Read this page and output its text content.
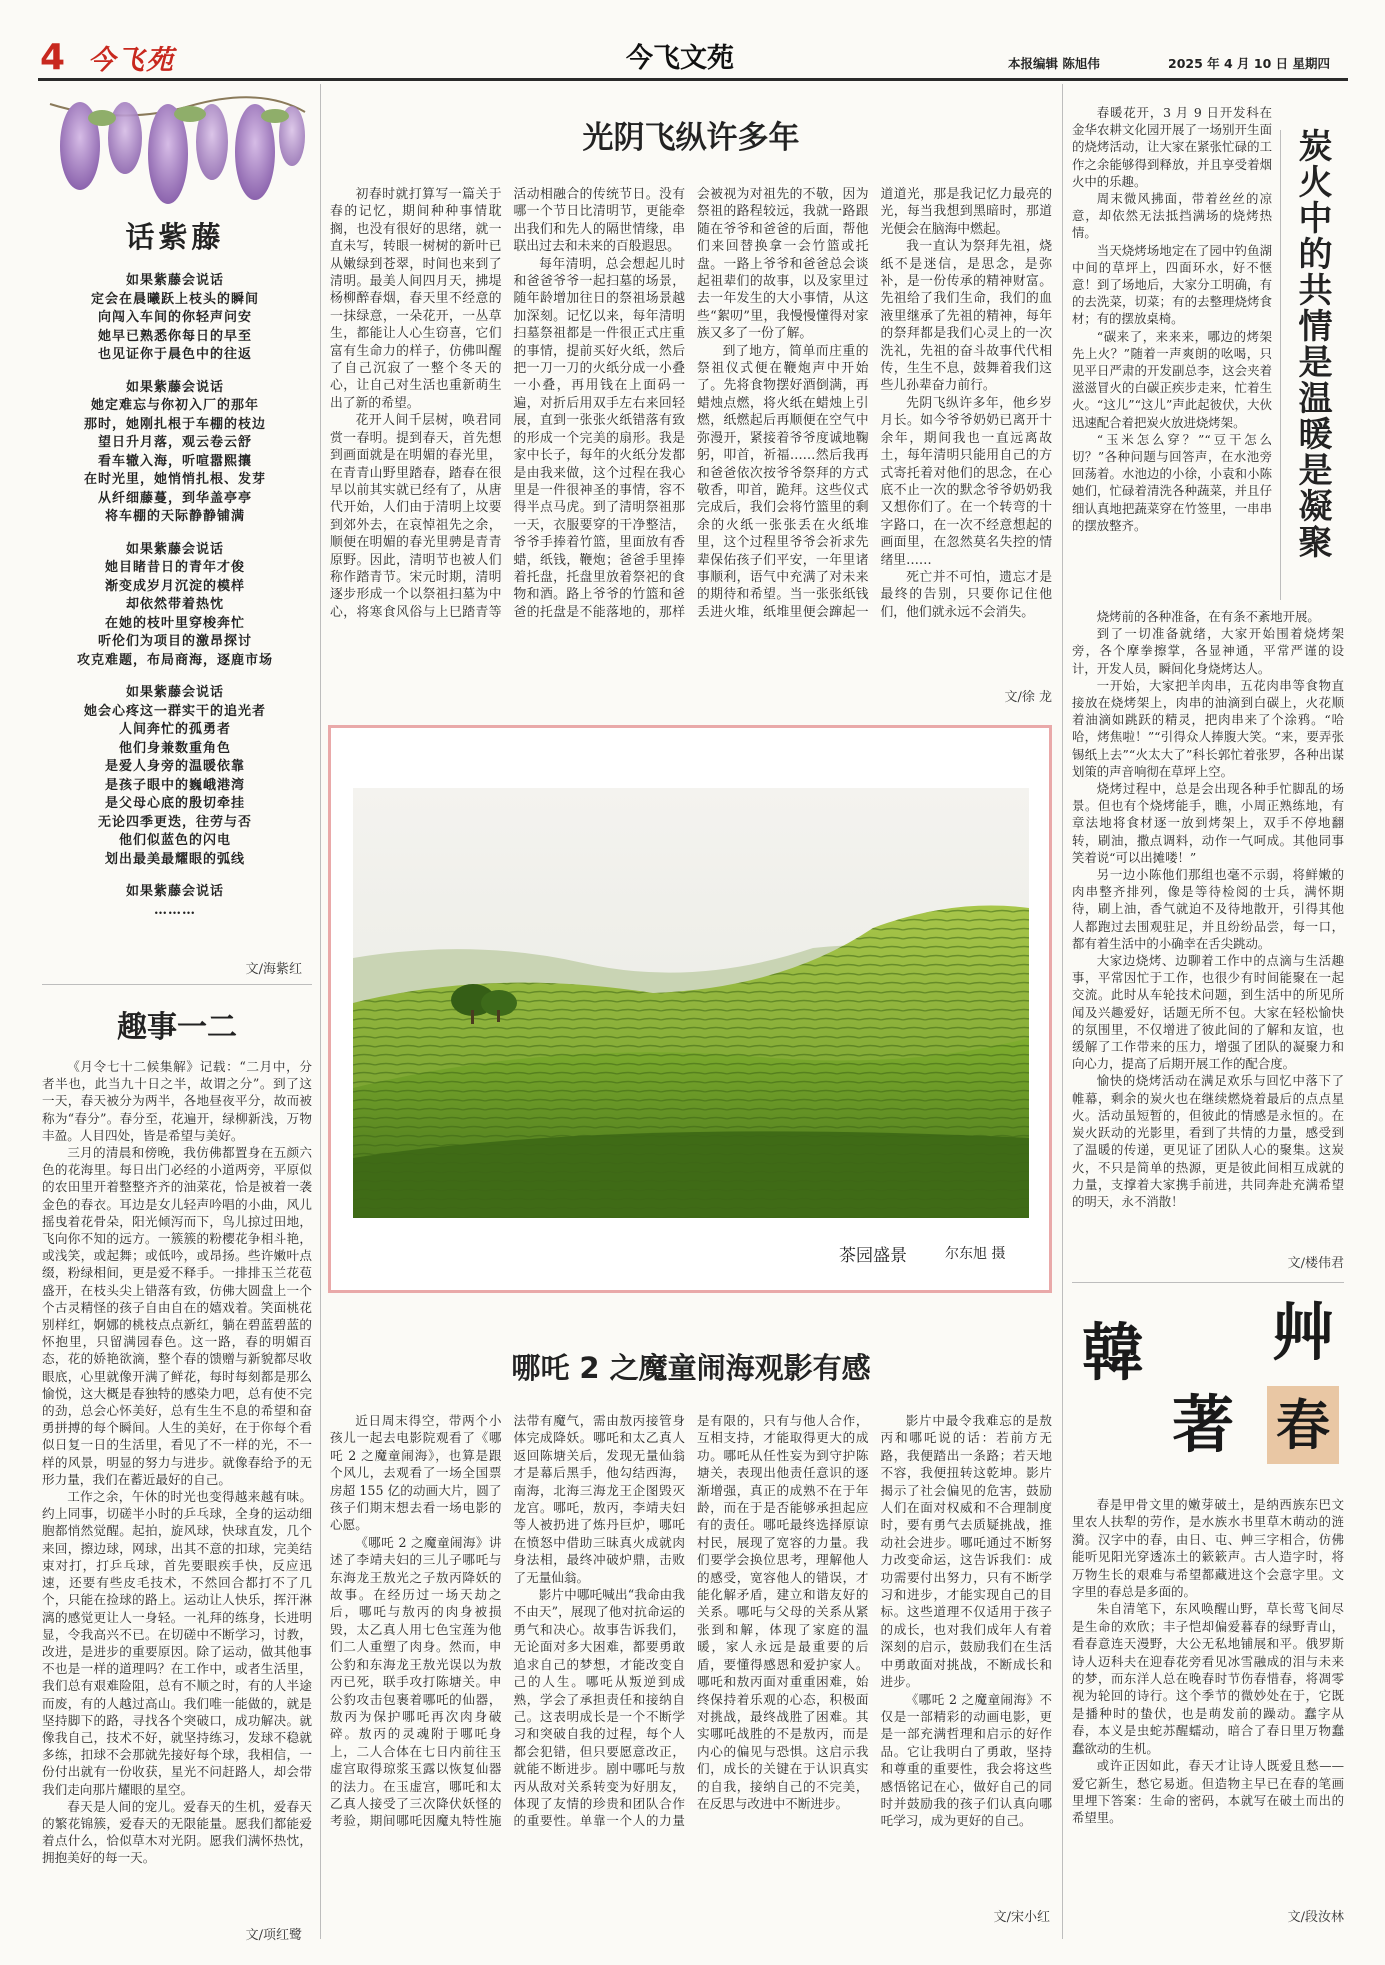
4 今飞苑	今飞文苑	本报编辑 陈旭伟	2025 年 4 月 10 日 星期四
话紫藤
如果紫藤会说话
定会在晨曦跃上枝头的瞬间
向闯入车间的你轻声问安
她早已熟悉你每日的早至
也见证你于晨色中的往返
如果紫藤会说话
她定难忘与你初入厂的那年
那时，她刚扎根于车棚的枝边
望日升月落，观云卷云舒
看车辙入海，听喧嚣熙攘
在时光里，她悄悄扎根、发芽
从纤细藤蔓，到华盖亭亭
将车棚的天际静静铺满
如果紫藤会说话
她目睹昔日的青年才俊
渐变成岁月沉淀的模样
却依然带着热忱
在她的枝叶里穿梭奔忙
听伦们为项目的激昂探讨
攻克难题，布局商海，逐鹿市场
如果紫藤会说话
她会心疼这一群实干的追光者
人间奔忙的孤勇者
他们身兼数重角色
是爱人身旁的温暖依靠
是孩子眼中的巍峨港湾
是父母心底的殷切牵挂
无论四季更迭，往劳与否
他们似蓝色的闪电
划出最美最耀眼的弧线
如果紫藤会说话
………
文/海紫红
趣事一二

《月令七十二候集解》记载：“二月中，分者半也，此当九十日之半，故谓之分”。到了这一天，春天被分为两半，各地昼夜平分，故而被称为“春分”。春分至，花遍开，绿柳新浅，万物丰盈。人目四处，皆是希望与美好。

三月的清晨和傍晚，我仿佛都置身在五颜六色的花海里。每日出门必经的小道两旁，平原似的农田里开着整整齐齐的油菜花，恰是被着一袭金色的春衣。耳边是女儿轻声吟唱的小曲，风儿摇曳着花骨朵，阳光倾泻而下，鸟儿掠过田地，飞向你不知的远方。一簇簇的粉樱花争相斗艳，或浅笑，或起舞；或低吟，或昂扬。些许嫩叶点缀，粉绿相间，更是爱不释手。一排排玉兰花苞盛开，在枝头尖上错落有致，仿佛大圆盘上一个个古灵精怪的孩子自由自在的嬉戏着。笑面桃花别样红，婀娜的桃枝点点新红，躺在碧蓝碧蓝的怀抱里，只留满园春色。这一路，春的明媚百态，花的娇艳欲滴，整个春的馈赠与新貌都尽收眼底，心里就像开满了鲜花，每时每刻都是那么愉悦，这大概是春独特的感染力吧，总有使不完的劲，总会心怀美好，总有生生不息的希望和奋勇拼搏的每个瞬间。人生的美好，在于你每个看似日复一日的生活里，看见了不一样的光，不一样的风景，明显的努力与进步。就像春给予的无形力量，我们在蓄近最好的自己。

工作之余，午休的时光也变得越来越有味。约上同事，切磋半小时的乒乓球，全身的运动细胞都悄然觉醒。起拍，旋风球，快球直发，几个来回，擦边球，网球，出其不意的扣球，完美结束对打，打乒乓球，首先要眼疾手快，反应迅速，还要有些皮毛技术，不然回合都打不了几个，只能在捡球的路上。运动让人快乐，挥汗淋漓的感觉更让人一身轻。一礼拜的练身，长进明显，令我高兴不已。在切磋中不断学习，讨教，改进，是进步的重要原因。除了运动，做其他事不也是一样的道理吗？在工作中，或者生活里，我们总有艰难险阻，总有不顺之时，有的人半途而废，有的人越过高山。我们唯一能做的，就是坚持脚下的路，寻找各个突破口，成功解决。就像我自己，技术不好，就坚持练习，发球不稳就多练，扣球不会那就先接好每个球，我相信，一份付出就有一份收获，星光不问赶路人，却会带我们走向那片耀眼的星空。

春天是人间的宠儿。爱春天的生机，爱春天的繁花锦簇，爱春天的无限能量。愿我们都能爱着点什么，恰似草木对光阴。愿我们满怀热忱，拥抱美好的每一天。

文/项红鹭
光阴飞纵许多年

初春时就打算写一篇关于春的记忆，期间种种事情耽搁，也没有很好的思绪，就一直未写，转眼一树树的新叶已从嫩绿到苍翠，时间也来到了清明。最美人间四月天，拂堤杨柳醉春烟，春天里不经意的一抹绿意，一朵花开，一丛草生，都能让人心生窃喜，它们富有生命力的样子，仿佛叫醒了自己沉寂了一整个冬天的心，让自己对生活也重新萌生出了新的希望。

花开人间千层树，唤君同赏一春明。提到春天，首先想到画面就是在明媚的春光里，在青青山野里踏春，踏春在很早以前其实就已经有了，从唐代开始，人们由于清明上坟要到郊外去，在哀悼祖先之余，顺便在明媚的春光里骋是青青原野。因此，清明节也被人们称作踏青节。宋元时期，清明逐步形成一个以祭祖扫墓为中心，将寒食风俗与上巳踏青等活动相融合的传统节日。没有哪一个节日比清明节，更能牵出我们和先人的隔世情缘，串联出过去和未来的百般遐思。

每年清明，总会想起儿时和爸爸爷爷一起扫墓的场景，随年龄增加往日的祭祖场景越加深刻。记忆以来，每年清明扫墓祭祖都是一件很正式庄重的事情，提前买好火纸，然后把一刀一刀的火纸分成一小叠一小叠，再用钱在上面码一遍，对折后用双手左右来回轻展，直到一张张火纸错落有致的形成一个完美的扇形。我是家中长子，每年的火纸分发都是由我来做，这个过程在我心里是一件很神圣的事情，容不得半点马虎。到了清明祭祖那一天，衣服要穿的干净整洁，爷爷手捧着竹篮，里面放有香蜡，纸钱，鞭炮；爸爸手里捧着托盘，托盘里放着祭祀的食物和酒。路上爷爷的竹篮和爸爸的托盘是不能落地的，那样会被视为对祖先的不敬，因为祭祖的路程较远，我就一路跟随在爷爷和爸爸的后面，帮他们来回替换拿一会竹篮或托盘。一路上爷爷和爸爸总会谈起祖辈们的故事，以及家里过去一年发生的大小事情，从这些“絮叨”里，我慢慢懂得对家族又多了一份了解。

到了地方，简单而庄重的祭祖仪式便在鞭炮声中开始了。先将食物摆好酒倒满，再蜡烛点燃，将火纸在蜡烛上引燃，纸燃起后再顺便在空气中弥漫开，紧接着爷爷度诚地鞠躬，叩首，祈福……然后我再和爸爸依次按爷爷祭拜的方式敬香，叩首，跪拜。这些仪式完成后，我们会将竹篮里的剩余的火纸一张张丢在火纸堆里，这个过程里爷爷会祈求先辈保佑孩子们平安，一年里诸事顺利，语气中充满了对未来的期待和希望。当一张张纸钱丢进火堆，纸堆里便会蹿起一道道光，那是我记忆力最亮的光，每当我想到黑暗时，那道光便会在脑海中燃起。

我一直认为祭拜先祖，烧纸不是迷信，是思念，是弥补，是一份传承的精神财富。先祖给了我们生命，我们的血液里继承了先祖的精神，每年的祭拜都是我们心灵上的一次洗礼，先祖的奋斗故事代代相传，生生不息，鼓舞着我们这些儿孙辈奋力前行。

先阴飞纵许多年，他乡岁月长。如今爷爷奶奶已离开十余年，期间我也一直远离故土，每年清明只能用自己的方式寄托着对他们的思念，在心底不止一次的默念爷爷奶奶我又想你们了。在一个转弯的十字路口，在一次不经意想起的画面里，在忽然莫名失控的情绪里……

死亡并不可怕，遗忘才是最终的告别，只要你记住他们，他们就永远不会消失。

文/徐 龙
茶园盛景	尔东旭 摄
哪吒 2 之魔童闹海观影有感

近日周末得空，带两个小孩儿一起去电影院观看了《哪吒 2 之魔童闹海》，也算是跟个风儿，去观看了一场全国票房超 155 亿的动画大片，圆了孩子们期末想去看一场电影的心愿。

《哪吒 2 之魔童闹海》讲述了李靖夫妇的三儿子哪吒与东海龙王敖光之子敖丙降妖的故事。在经历过一场天劫之后，哪吒与敖丙的肉身被损毁，太乙真人用七色宝莲为他们二人重塑了肉身。然而，申公豹和东海龙王敖光误以为敖丙已死，联手攻打陈塘关。申公豹攻击包裹着哪吒的仙器，敖丙为保护哪吒再次肉身破碎。敖丙的灵魂附于哪吒身上，二人合体在七日内前往玉虚宫取得琼浆玉露以恢复仙器的法力。在玉虚宫，哪吒和太乙真人接受了三次降伏妖怪的考验，期间哪吒因魔丸特性施法带有魔气，需由敖丙接管身体完成降妖。哪吒和太乙真人返回陈塘关后，发现无量仙翁才是幕后黑手，他勾结西海，南海，北海三海龙王企图毁灭龙宫。哪吒，敖丙，李靖夫妇等人被扔进了炼丹巨炉，哪吒在愤怒中借助三昧真火成就肉身法相，最终冲破炉鼎，击败了无量仙翁。

影片中哪吒喊出“我命由我不由天”，展现了他对抗命运的勇气和决心。故事告诉我们，无论面对多大困难，都要勇敢追求自己的梦想，才能改变自己的人生。哪吒从叛逆到成熟，学会了承担责任和接纳自己。这表明成长是一个不断学习和突破自我的过程，每个人都会犯错，但只要愿意改正，就能不断进步。剧中哪吒与敖丙从敌对关系转变为好朋友，体现了友情的珍贵和团队合作的重要性。单靠一个人的力量是有限的，只有与他人合作，互相支持，才能取得更大的成功。哪吒从任性妄为到守护陈塘关，表现出他责任意识的逐渐增强，真正的成熟不在于年龄，而在于是否能够承担起应有的责任。哪吒最终选择原谅村民，展现了宽容的力量。我们要学会换位思考，理解他人的感受，宽容他人的错误，才能化解矛盾，建立和谐友好的关系。哪吒与父母的关系从紧张到和解，体现了家庭的温暖，家人永远是最重要的后盾，要懂得感恩和爱护家人。哪吒和敖丙面对重重困难，始终保持着乐观的心态，积极面对挑战，最终战胜了困难。其实哪吒战胜的不是敖丙，而是内心的偏见与恐惧。这启示我们，成长的关键在于认识真实的自我，接纳自己的不完美，在反思与改进中不断进步。

影片中最令我难忘的是敖丙和哪吒说的话：若前方无路，我便踏出一条路；若天地不容，我便扭转这乾坤。影片揭示了社会偏见的危害，鼓励人们在面对权威和不合理制度时，要有勇气去质疑挑战，推动社会进步。哪吒通过不断努力改变命运，这告诉我们：成功需要付出努力，只有不断学习和进步，才能实现自己的目标。这些道理不仅适用于孩子的成长，也对我们成年人有着深刻的启示，鼓励我们在生活中勇敢面对挑战，不断成长和进步。

《哪吒 2 之魔童闹海》不仅是一部精彩的动画电影，更是一部充满哲理和启示的好作品。它让我明白了勇敢，坚持和尊重的重要性，我会将这些感悟铭记在心，做好自己的同时并鼓励我的孩子们认真向哪吒学习，成为更好的自己。

文/宋小红

春暖花开，3 月 9 日开发科在金华农耕文化园开展了一场别开生面的烧烤活动，让大家在紧张忙碌的工作之余能够得到释放，并且享受着烟火中的乐趣。

周末微风拂面，带着丝丝的凉意，却依然无法抵挡满场的烧烤热情。

当天烧烤场地定在了园中钓鱼湖中间的草坪上，四面环水，好不惬意！到了场地后，大家分工明确，有的去洗菜，切菜；有的去整理烧烤食材；有的摆放桌椅。

“碳来了，来来来，哪边的烤架先上火？”随着一声爽朗的吆喝，只见平日严肃的开发副总李，这会夹着滋滋冒火的白碳正疾步走来，忙着生火。“这儿”“这儿”声此起彼伏，大伙迅速配合着把炭火放进烧烤架。

“玉米怎么穿？”“豆干怎么切？”各种问题与回答声，在水池旁回荡着。水池边的小徐，小袁和小陈她们，忙碌着清洗各种蔬菜，并且仔细认真地把蔬菜穿在竹签里，一串串的摆放整齐。	炭火中的共情是温暖是凝聚

烧烤前的各种准备，在有条不紊地开展。

到了一切准备就绪，大家开始围着烧烤架旁，各个摩拳擦掌，各显神通，平常严谨的设计，开发人员，瞬间化身烧烤达人。

一开始，大家把羊肉串，五花肉串等食物直接放在烧烤架上，肉串的油滴到白碳上，火花顺着油滴如跳跃的精灵，把肉串来了个涂鸦。“哈哈，烤焦啦！”“引得众人捧腹大笑。“来，要弄张锡纸上去”“火太大了”科长郭忙着张罗，各种出谋划策的声音响彻在草坪上空。

烧烤过程中，总是会出现各种手忙脚乱的场景。但也有个烧烤能手，瞧，小周正熟练地，有章法地将食材逐一放到烤架上，双手不停地翻转，刷油，撒点调料，动作一气呵成。其他同事笑着说“可以出摊喽！”

另一边小陈他们那组也毫不示弱，将鲜嫩的肉串整齐排列，像是等待检阅的士兵，满怀期待，刷上油，香气就迫不及待地散开，引得其他人都跑过去围观驻足，并且纷纷品尝，每一口，都有着生活中的小确幸在舌尖跳动。

大家边烧烤、边聊着工作中的点滴与生活趣事，平常因忙于工作，也很少有时间能聚在一起交流。此时从车轮技术问题，到生活中的所见所闻及兴趣爱好，话题无所不包。大家在轻松愉快的氛围里，不仅增进了彼此间的了解和友谊，也缓解了工作带来的压力，增强了团队的凝聚力和向心力，提高了后期开展工作的配合度。

愉快的烧烤活动在满足欢乐与回忆中落下了帷幕，剩余的炭火也在继续燃烧着最后的点点星火。活动虽短暂的，但彼此的情感是永恒的。在炭火跃动的光影里，看到了共情的力量，感受到了温暖的传递，更见证了团队人心的聚集。这炭火，不只是简单的热源，更是彼此间相互成就的力量，支撑着大家携手前进，共同奔赴充满希望的明天，永不消散！

文/楼伟君
艸
韓
著 春

春是甲骨文里的嫩芽破土，是纳西族东巴文里农人扶犁的劳作，是水族水书里草木萌动的涟漪。汉字中的春，由日、屯、艸三字相合，仿佛能听见阳光穿透冻土的簌簌声。古人造字时，将万物生长的艰难与希望都藏进这个会意字里。文字里的春总是多面的。

朱自清笔下，东风唤醒山野，草长莺飞间尽是生命的欢欣；丰子恺却偏爱暮春的绿野青山，看春意连天漫野，大公无私地铺展和平。俄罗斯诗人迈科夫在迎春花旁看见冰雪融成的泪与未来的梦，而东洋人总在晚春时节伤春惜春，将凋零视为轮回的诗行。这个季节的微妙处在于，它既是播种时的蛰伏，也是萌发前的躁动。蠢字从春，本义是虫蛇苏醒蠕动，暗合了春日里万物蠢蠢欲动的生机。

或许正因如此，春天才让诗人既爱且愁——爱它新生，愁它易逝。但造物主早已在春的笔画里埋下答案：生命的密码，本就写在破土而出的希望里。

文/段汝林
